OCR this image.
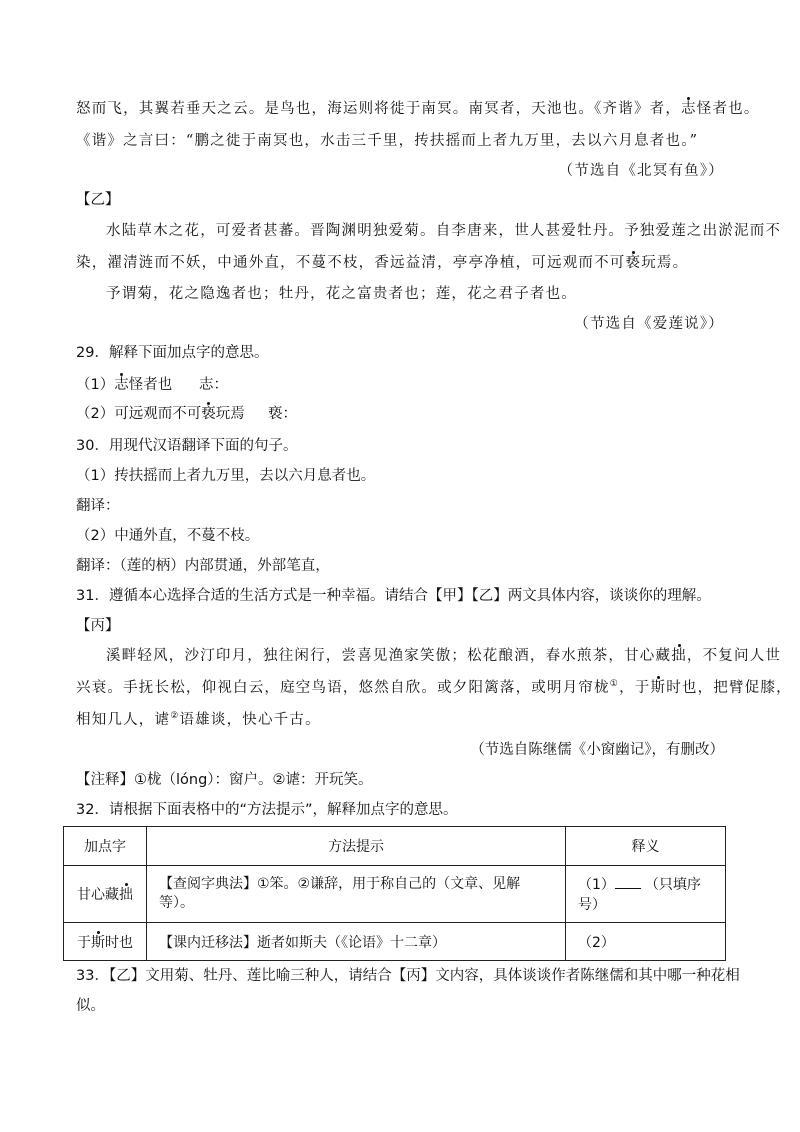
怒而飞，其翼若垂天之云。是鸟也，海运则将徙于南冥。南冥者，天池也。《齐谐》者，志怪者也。
《谐》之言曰：“鹏之徙于南冥也，水击三千里，抟扶摇而上者九万里，去以六月息者也。”
（节选自《北冥有鱼》）
【乙】
水陆草木之花，可爱者甚蕃。晋陶渊明独爱菊。自李唐来，世人甚爱牡丹。予独爱莲之出淤泥而不
染，濯清涟而不妖，中通外直，不蔓不枝，香远益清，亭亭净植，可远观而不可亵玩焉。
予谓菊，花之隐逸者也；牡丹，花之富贵者也；莲，花之君子者也。
（节选自《爱莲说》）
29．解释下面加点字的意思。
（1）志怪者也 志：
（2）可远观而不可亵玩焉 亵：
30．用现代汉语翻译下面的句子。
（1）抟扶摇而上者九万里，去以六月息者也。
翻译：
（2）中通外直，不蔓不枝。
翻译：（莲的柄）内部贯通，外部笔直，
31．遵循本心选择合适的生活方式是一种幸福。请结合【甲】【乙】两文具体内容，谈谈你的理解。
【丙】
溪畔轻风，沙汀印月，独往闲行，尝喜见渔家笑傲；松花酿酒，春水煎茶，甘心藏拙，不复问人世
兴衰。手抚长松，仰视白云，庭空鸟语，悠然自欣。或夕阳篱落，或明月帘栊①，于斯时也，把臂促膝，
相知几人，谑②语雄谈，快心千古。
（节选自陈继儒《小窗幽记》，有删改）
【注释】①栊（lóng）：窗户。②谑：开玩笑。
32．请根据下面表格中的“方法提示”，解释加点字的意思。
加点字	方法提示	释义
甘心藏拙	【查阅字典法】①笨。②谦辞，用于称自己的（文章、见解等）。	（1） （只填序号）
于斯时也	【课内迁移法】逝者如斯夫（《论语》十二章）	（2）
33．【乙】文用菊、牡丹、莲比喻三种人，请结合【丙】文内容，具体谈谈作者陈继儒和其中哪一种花相
似。
